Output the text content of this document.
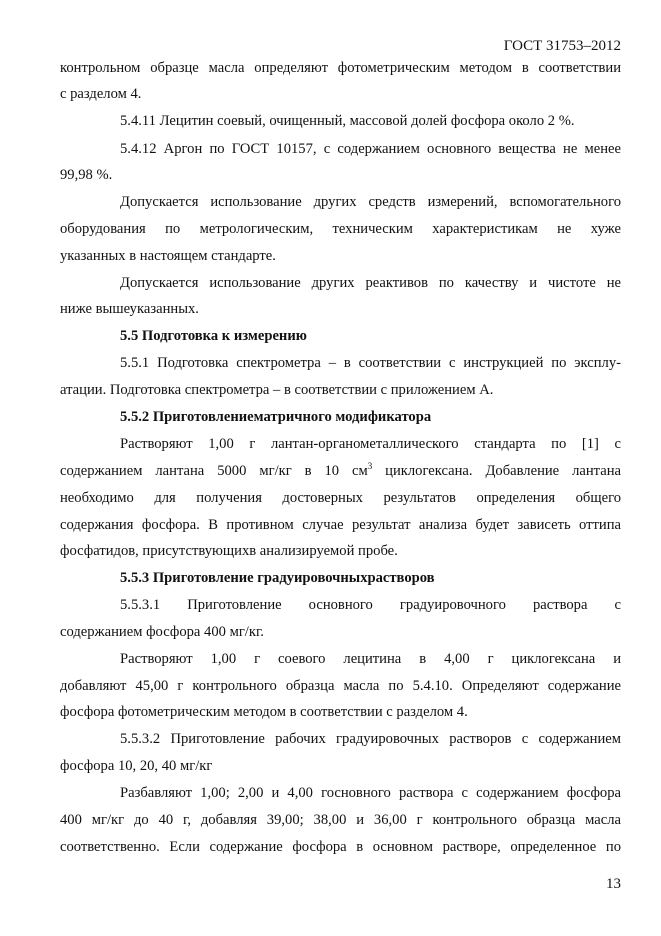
ГОСТ 31753–2012
контрольном образце масла определяют фотометрическим методом в соответствии
с разделом 4.
5.4.11 Лецитин соевый, очищенный, массовой долей фосфора около 2 %.
5.4.12 Аргон по ГОСТ 10157, с содержанием основного вещества не менее
99,98 %.
Допускается использование других средств измерений, вспомогательного
оборудования по метрологическим, техническим характеристикам не хуже
указанных в настоящем стандарте.
Допускается использование других реактивов по качеству и чистоте не
ниже вышеуказанных.
5.5 Подготовка к измерению
5.5.1 Подготовка спектрометра – в соответствии с инструкцией по эксплу-
атации. Подготовка спектрометра – в соответствии с приложением А.
5.5.2 Приготовлениематричного модификатора
Растворяют 1,00 г лантан-органометаллического стандарта по [1] с
содержанием лантана 5000 мг/кг в 10 $см^3$ циклогексана. Добавление лантана
необходимо для получения достоверных результатов определения общего
содержания фосфора. В противном случае результат анализа будет зависеть оттипа
фосфатидов, присутствующихв анализируемой пробе.
5.5.3 Приготовление градуировочныхрастворов
5.5.3.1 Приготовление основного градуировочного раствора с
содержанием фосфора 400 мг/кг.
Растворяют 1,00 г соевого лецитина в 4,00 г циклогексана и
добавляют 45,00 г контрольного образца масла по 5.4.10. Определяют содержание
фосфора фотометрическим методом в соответствии с разделом 4.
5.5.3.2 Приготовление рабочих градуировочных растворов с содержанием
фосфора 10, 20, 40 мг/кг
Разбавляют 1,00; 2,00 и 4,00 госновного раствора с содержанием фосфора
400 мг/кг до 40 г, добавляя 39,00; 38,00 и 36,00 г контрольного образца масла
соответственно. Если содержание фосфора в основном растворе, определенное по
13
